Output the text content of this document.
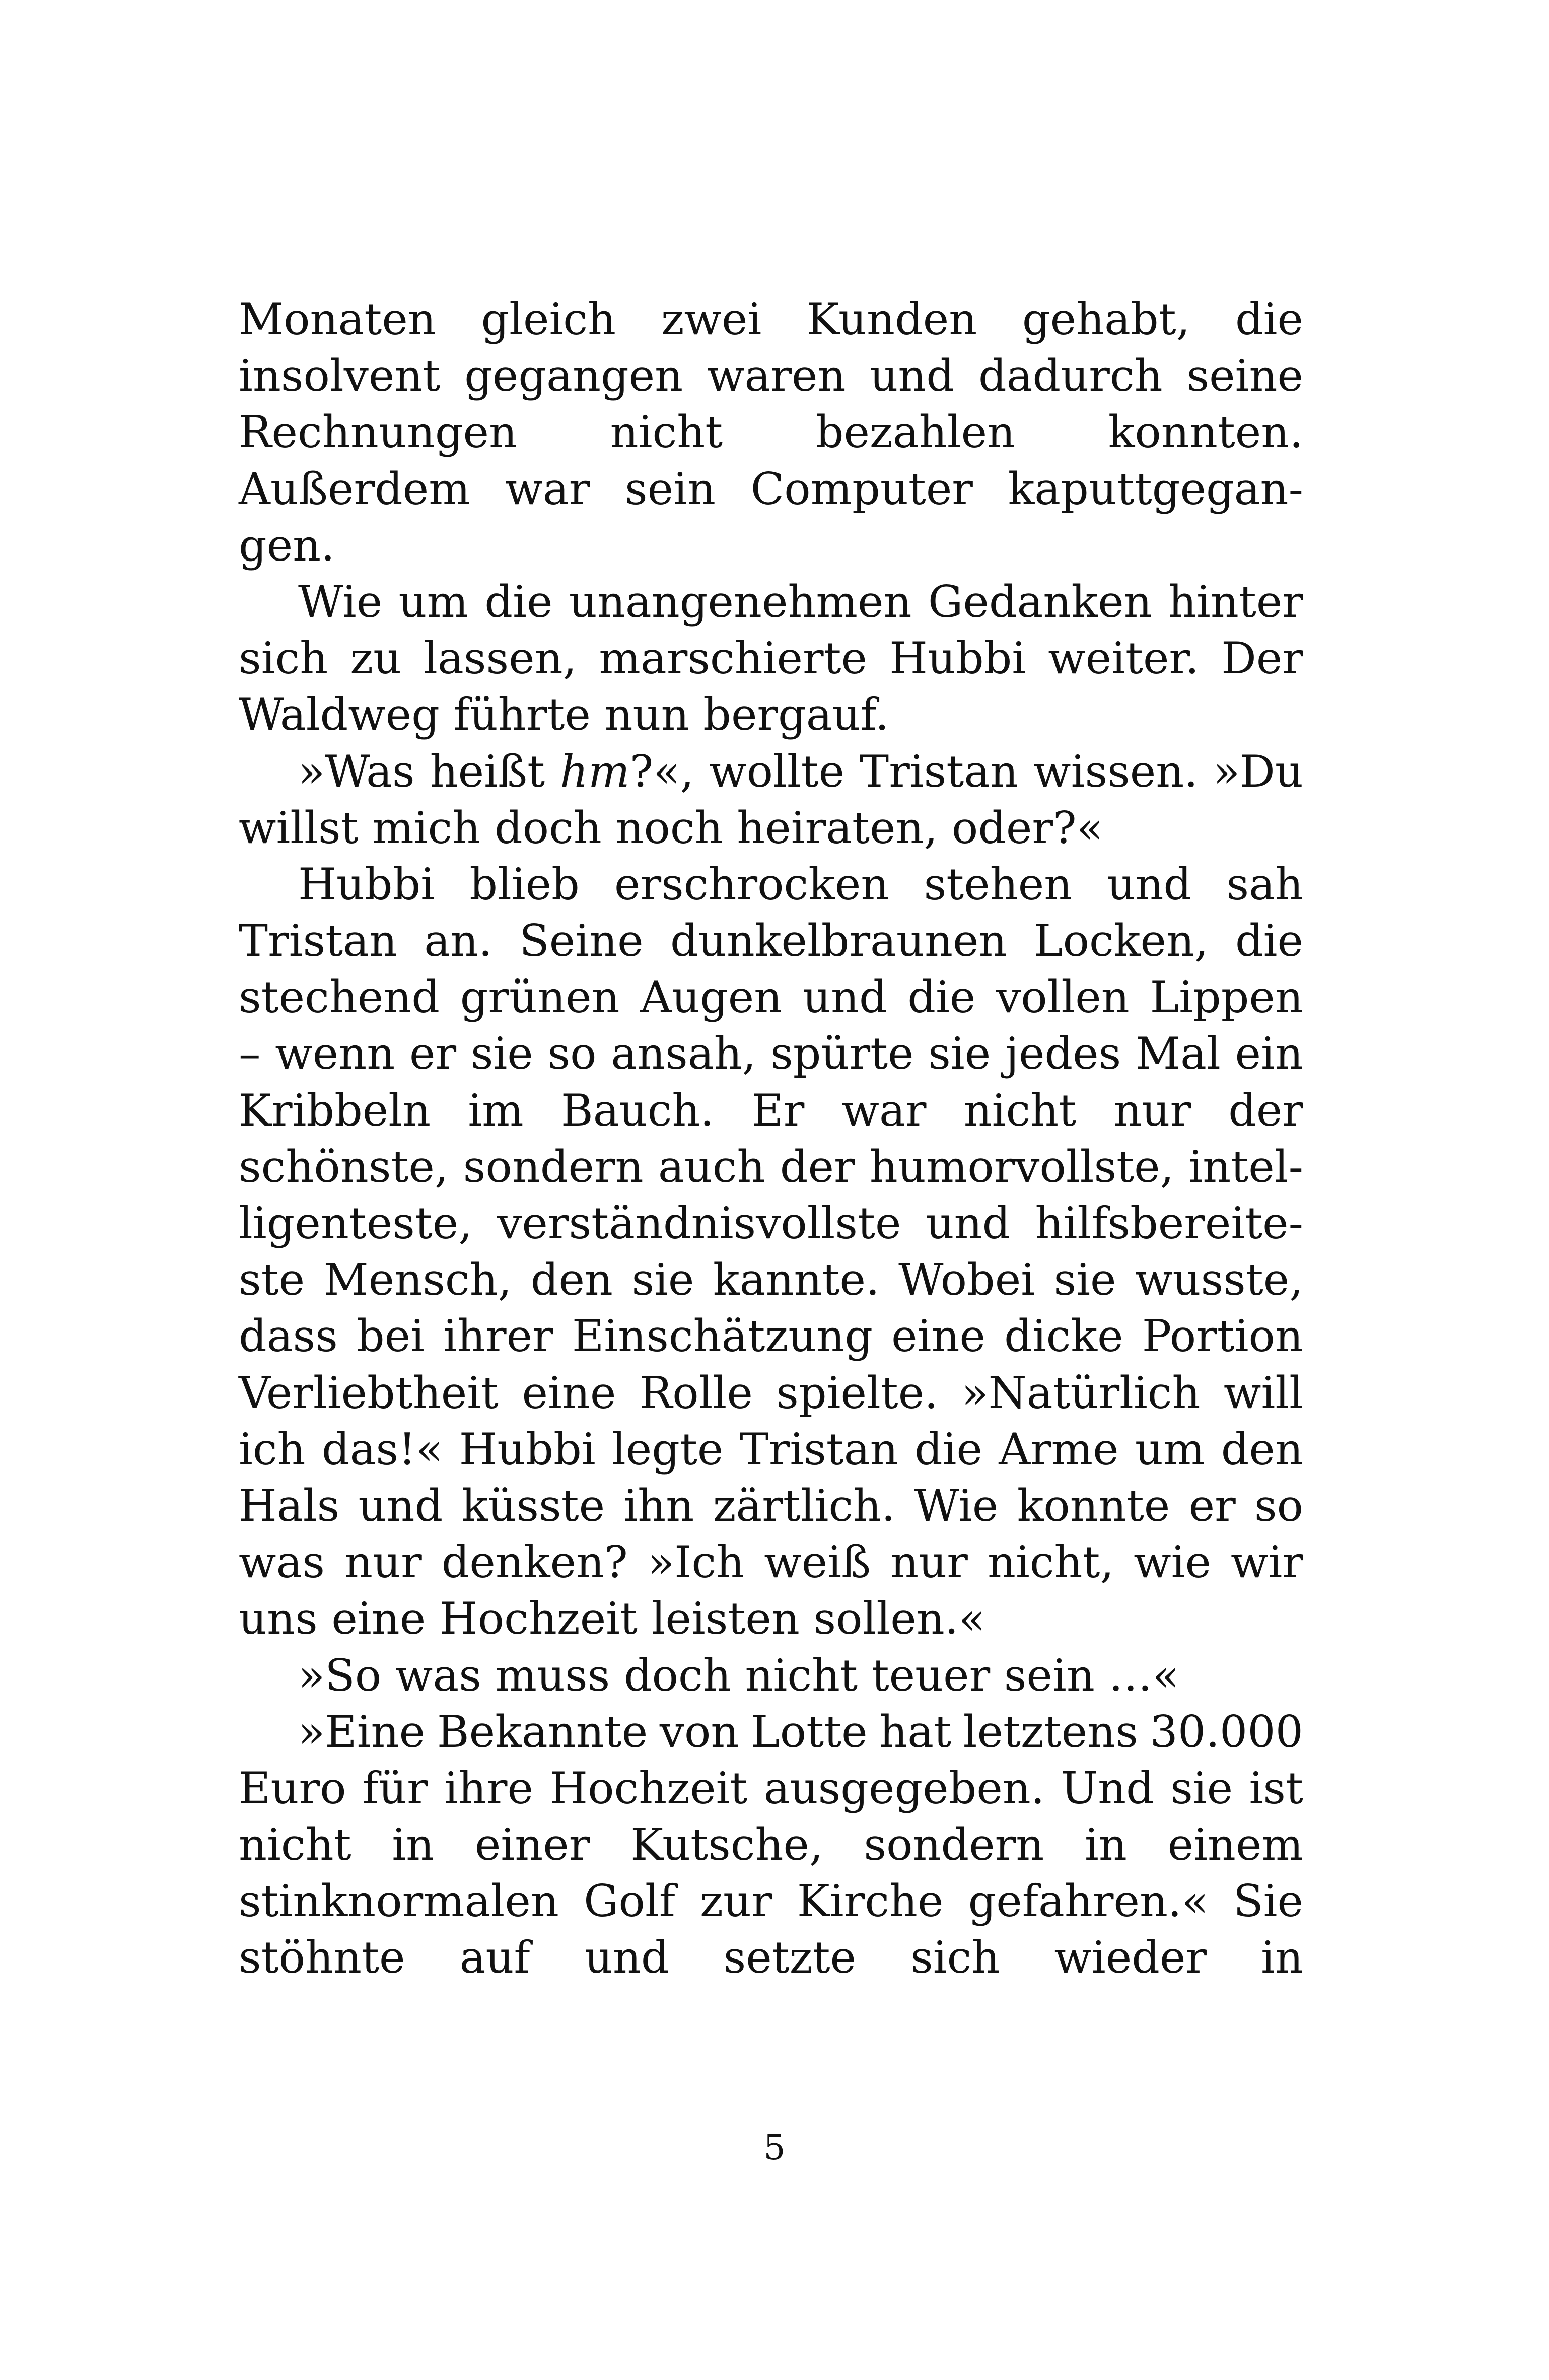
Monaten gleich zwei Kunden gehabt, die
insolvent gegangen waren und dadurch seine
Rechnungen nicht bezahlen konnten.
Außerdem war sein Computer kaputtgegan-
gen.
Wie um die unangenehmen Gedanken hinter
sich zu lassen, marschierte Hubbi weiter. Der
Waldweg führte nun bergauf.
»Was heißt hm?«, wollte Tristan wissen. »Du
willst mich doch noch heiraten, oder?«
Hubbi blieb erschrocken stehen und sah
Tristan an. Seine dunkelbraunen Locken, die
stechend grünen Augen und die vollen Lippen
– wenn er sie so ansah, spürte sie jedes Mal ein
Kribbeln im Bauch. Er war nicht nur der
schönste, sondern auch der humorvollste, intel-
ligenteste, verständnisvollste und hilfsbereite-
ste Mensch, den sie kannte. Wobei sie wusste,
dass bei ihrer Einschätzung eine dicke Portion
Verliebtheit eine Rolle spielte. »Natürlich will
ich das!« Hubbi legte Tristan die Arme um den
Hals und küsste ihn zärtlich. Wie konnte er so
was nur denken? »Ich weiß nur nicht, wie wir
uns eine Hochzeit leisten sollen.«
»So was muss doch nicht teuer sein …«
»Eine Bekannte von Lotte hat letztens 30.000
Euro für ihre Hochzeit ausgegeben. Und sie ist
nicht in einer Kutsche, sondern in einem
stinknormalen Golf zur Kirche gefahren.« Sie
stöhnte auf und setzte sich wieder in
5
